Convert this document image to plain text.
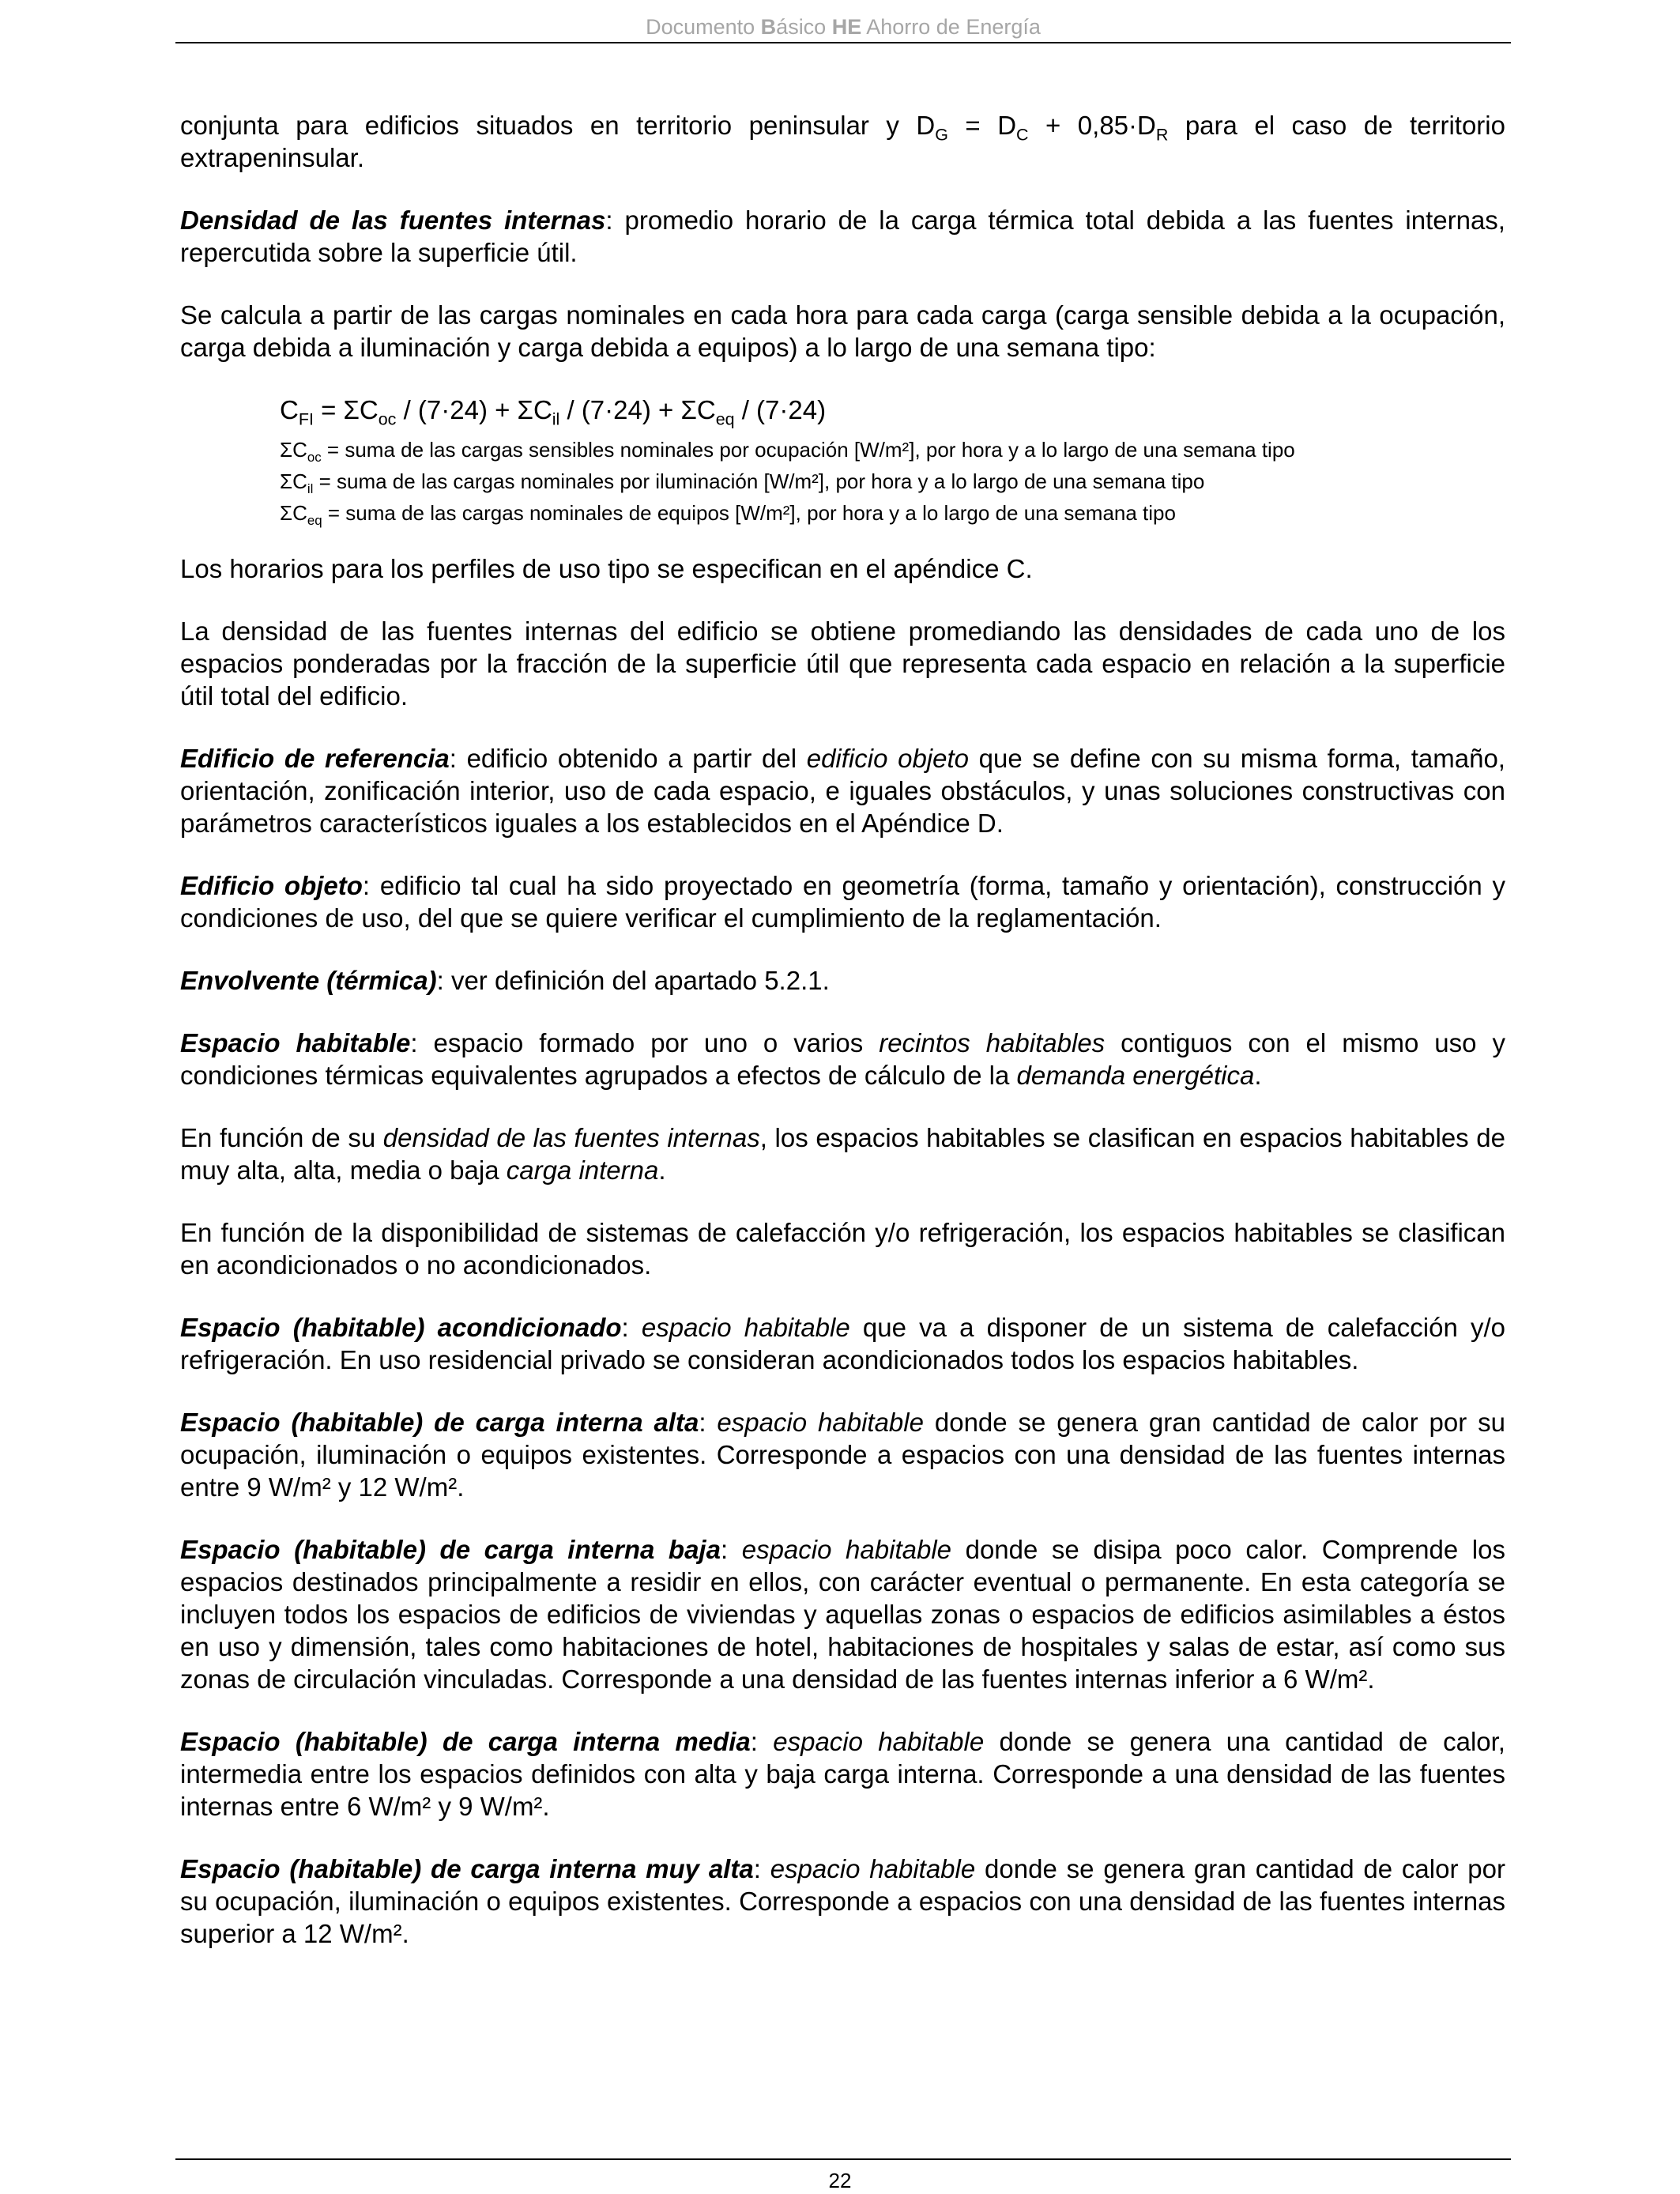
Documento Básico HE Ahorro de Energía

conjunta para edificios situados en territorio peninsular y $D_G = D_C + 0,85\cdot D_R$ para el caso de territorio extrapeninsular.

Densidad de las fuentes internas: promedio horario de la carga térmica total debida a las fuentes internas, repercutida sobre la superficie útil.

Se calcula a partir de las cargas nominales en cada hora para cada carga (carga sensible debida a la ocupación, carga debida a iluminación y carga debida a equipos) a lo largo de una semana tipo:

$C_{FI} = \Sigma C_{oc} / (7\cdot 24) + \Sigma C_{il} / (7\cdot 24) + \Sigma C_{eq} / (7\cdot 24)$
$\Sigma C_{oc}$ = suma de las cargas sensibles nominales por ocupación [W/m²], por hora y a lo largo de una semana tipo
$\Sigma C_{il}$ = suma de las cargas nominales por iluminación [W/m²], por hora y a lo largo de una semana tipo
$\Sigma C_{eq}$ = suma de las cargas nominales de equipos [W/m²], por hora y a lo largo de una semana tipo

Los horarios para los perfiles de uso tipo se especifican en el apéndice C.

La densidad de las fuentes internas del edificio se obtiene promediando las densidades de cada uno de los espacios ponderadas por la fracción de la superficie útil que representa cada espacio en relación a la superficie útil total del edificio.

Edificio de referencia: edificio obtenido a partir del edificio objeto que se define con su misma forma, tamaño, orientación, zonificación interior, uso de cada espacio, e iguales obstáculos, y unas soluciones constructivas con parámetros característicos iguales a los establecidos en el Apéndice D.

Edificio objeto: edificio tal cual ha sido proyectado en geometría (forma, tamaño y orientación), construcción y condiciones de uso, del que se quiere verificar el cumplimiento de la reglamentación.

Envolvente (térmica): ver definición del apartado 5.2.1.

Espacio habitable: espacio formado por uno o varios recintos habitables contiguos con el mismo uso y condiciones térmicas equivalentes agrupados a efectos de cálculo de la demanda energética.

En función de su densidad de las fuentes internas, los espacios habitables se clasifican en espacios habitables de muy alta, alta, media o baja carga interna.

En función de la disponibilidad de sistemas de calefacción y/o refrigeración, los espacios habitables se clasifican en acondicionados o no acondicionados.

Espacio (habitable) acondicionado: espacio habitable que va a disponer de un sistema de calefacción y/o refrigeración. En uso residencial privado se consideran acondicionados todos los espacios habitables.

Espacio (habitable) de carga interna alta: espacio habitable donde se genera gran cantidad de calor por su ocupación, iluminación o equipos existentes. Corresponde a espacios con una densidad de las fuentes internas entre 9 W/m² y 12 W/m².

Espacio (habitable) de carga interna baja: espacio habitable donde se disipa poco calor. Comprende los espacios destinados principalmente a residir en ellos, con carácter eventual o permanente. En esta categoría se incluyen todos los espacios de edificios de viviendas y aquellas zonas o espacios de edificios asimilables a éstos en uso y dimensión, tales como habitaciones de hotel, habitaciones de hospitales y salas de estar, así como sus zonas de circulación vinculadas. Corresponde a una densidad de las fuentes internas inferior a 6 W/m².

Espacio (habitable) de carga interna media: espacio habitable donde se genera una cantidad de calor, intermedia entre los espacios definidos con alta y baja carga interna. Corresponde a una densidad de las fuentes internas entre 6 W/m² y 9 W/m².

Espacio (habitable) de carga interna muy alta: espacio habitable donde se genera gran cantidad de calor por su ocupación, iluminación o equipos existentes. Corresponde a espacios con una densidad de las fuentes internas superior a 12 W/m².

22
